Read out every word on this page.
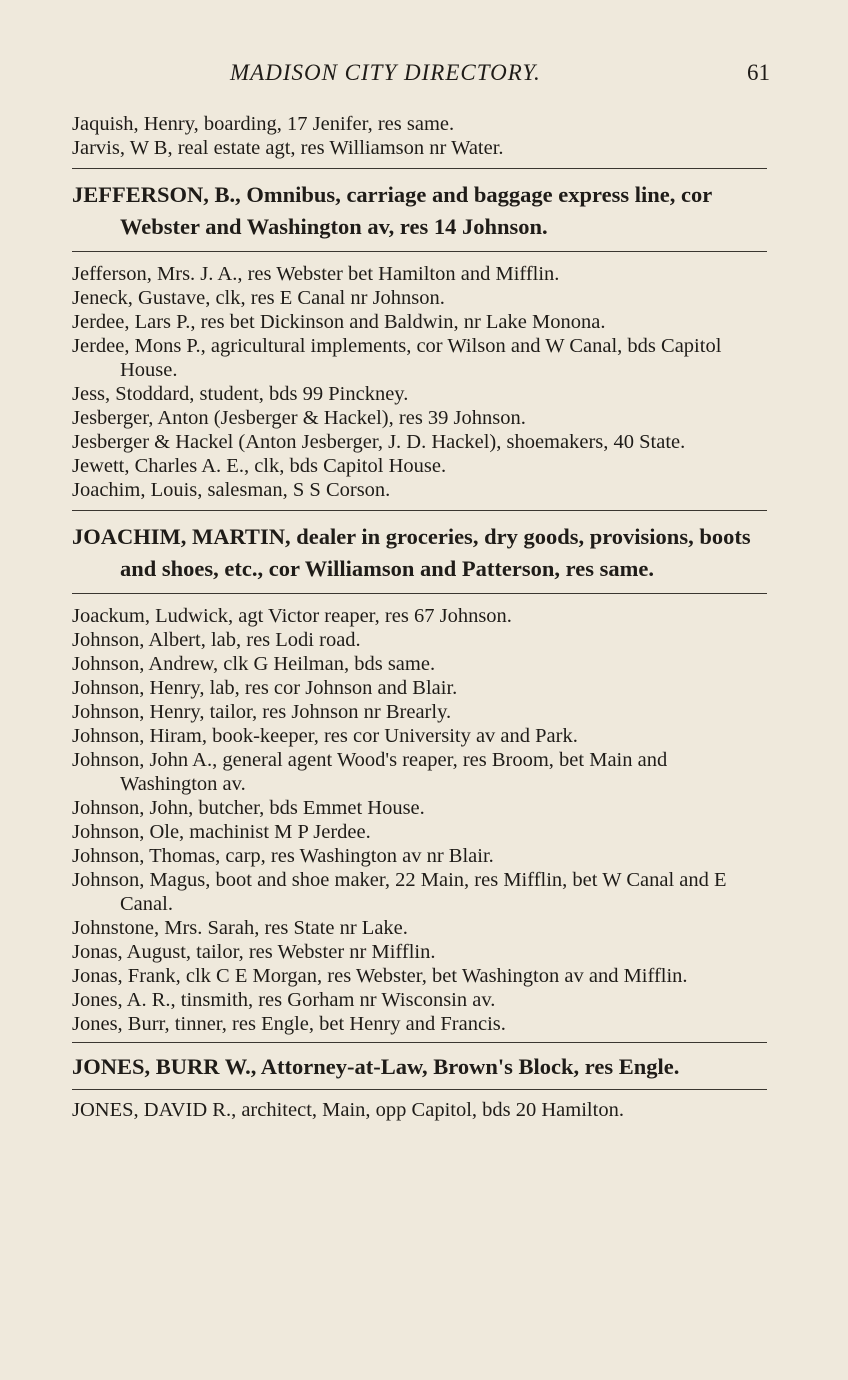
MADISON CITY DIRECTORY.	61

Jaquish, Henry, boarding, 17 Jenifer, res same.

Jarvis, W B, real estate agt, res Williamson nr Water.

JEFFERSON, B., Omnibus, carriage and baggage express line, cor Webster and Washington av, res 14 Johnson.

Jefferson, Mrs. J. A., res Webster bet Hamilton and Mifflin.

Jeneck, Gustave, clk, res E Canal nr Johnson.

Jerdee, Lars P., res bet Dickinson and Baldwin, nr Lake Monona.

Jerdee, Mons P., agricultural implements, cor Wilson and W Canal, bds Capitol House.

Jess, Stoddard, student, bds 99 Pinckney.

Jesberger, Anton (Jesberger & Hackel), res 39 Johnson.

Jesberger & Hackel (Anton Jesberger, J. D. Hackel), shoemakers, 40 State.

Jewett, Charles A. E., clk, bds Capitol House.

Joachim, Louis, salesman, S S Corson.

JOACHIM, MARTIN, dealer in groceries, dry goods, provisions, boots and shoes, etc., cor Williamson and Patterson, res same.

Joackum, Ludwick, agt Victor reaper, res 67 Johnson.

Johnson, Albert, lab, res Lodi road.

Johnson, Andrew, clk G Heilman, bds same.

Johnson, Henry, lab, res cor Johnson and Blair.

Johnson, Henry, tailor, res Johnson nr Brearly.

Johnson, Hiram, book-keeper, res cor University av and Park.

Johnson, John A., general agent Wood's reaper, res Broom, bet Main and Washington av.

Johnson, John, butcher, bds Emmet House.

Johnson, Ole, machinist M P Jerdee.

Johnson, Thomas, carp, res Washington av nr Blair.

Johnson, Magus, boot and shoe maker, 22 Main, res Mifflin, bet W Canal and E Canal.

Johnstone, Mrs. Sarah, res State nr Lake.

Jonas, August, tailor, res Webster nr Mifflin.

Jonas, Frank, clk C E Morgan, res Webster, bet Washington av and Mifflin.

Jones, A. R., tinsmith, res Gorham nr Wisconsin av.

Jones, Burr, tinner, res Engle, bet Henry and Francis.

JONES, BURR W., Attorney-at-Law, Brown's Block, res Engle.

JONES, DAVID R., architect, Main, opp Capitol, bds 20 Hamilton.
